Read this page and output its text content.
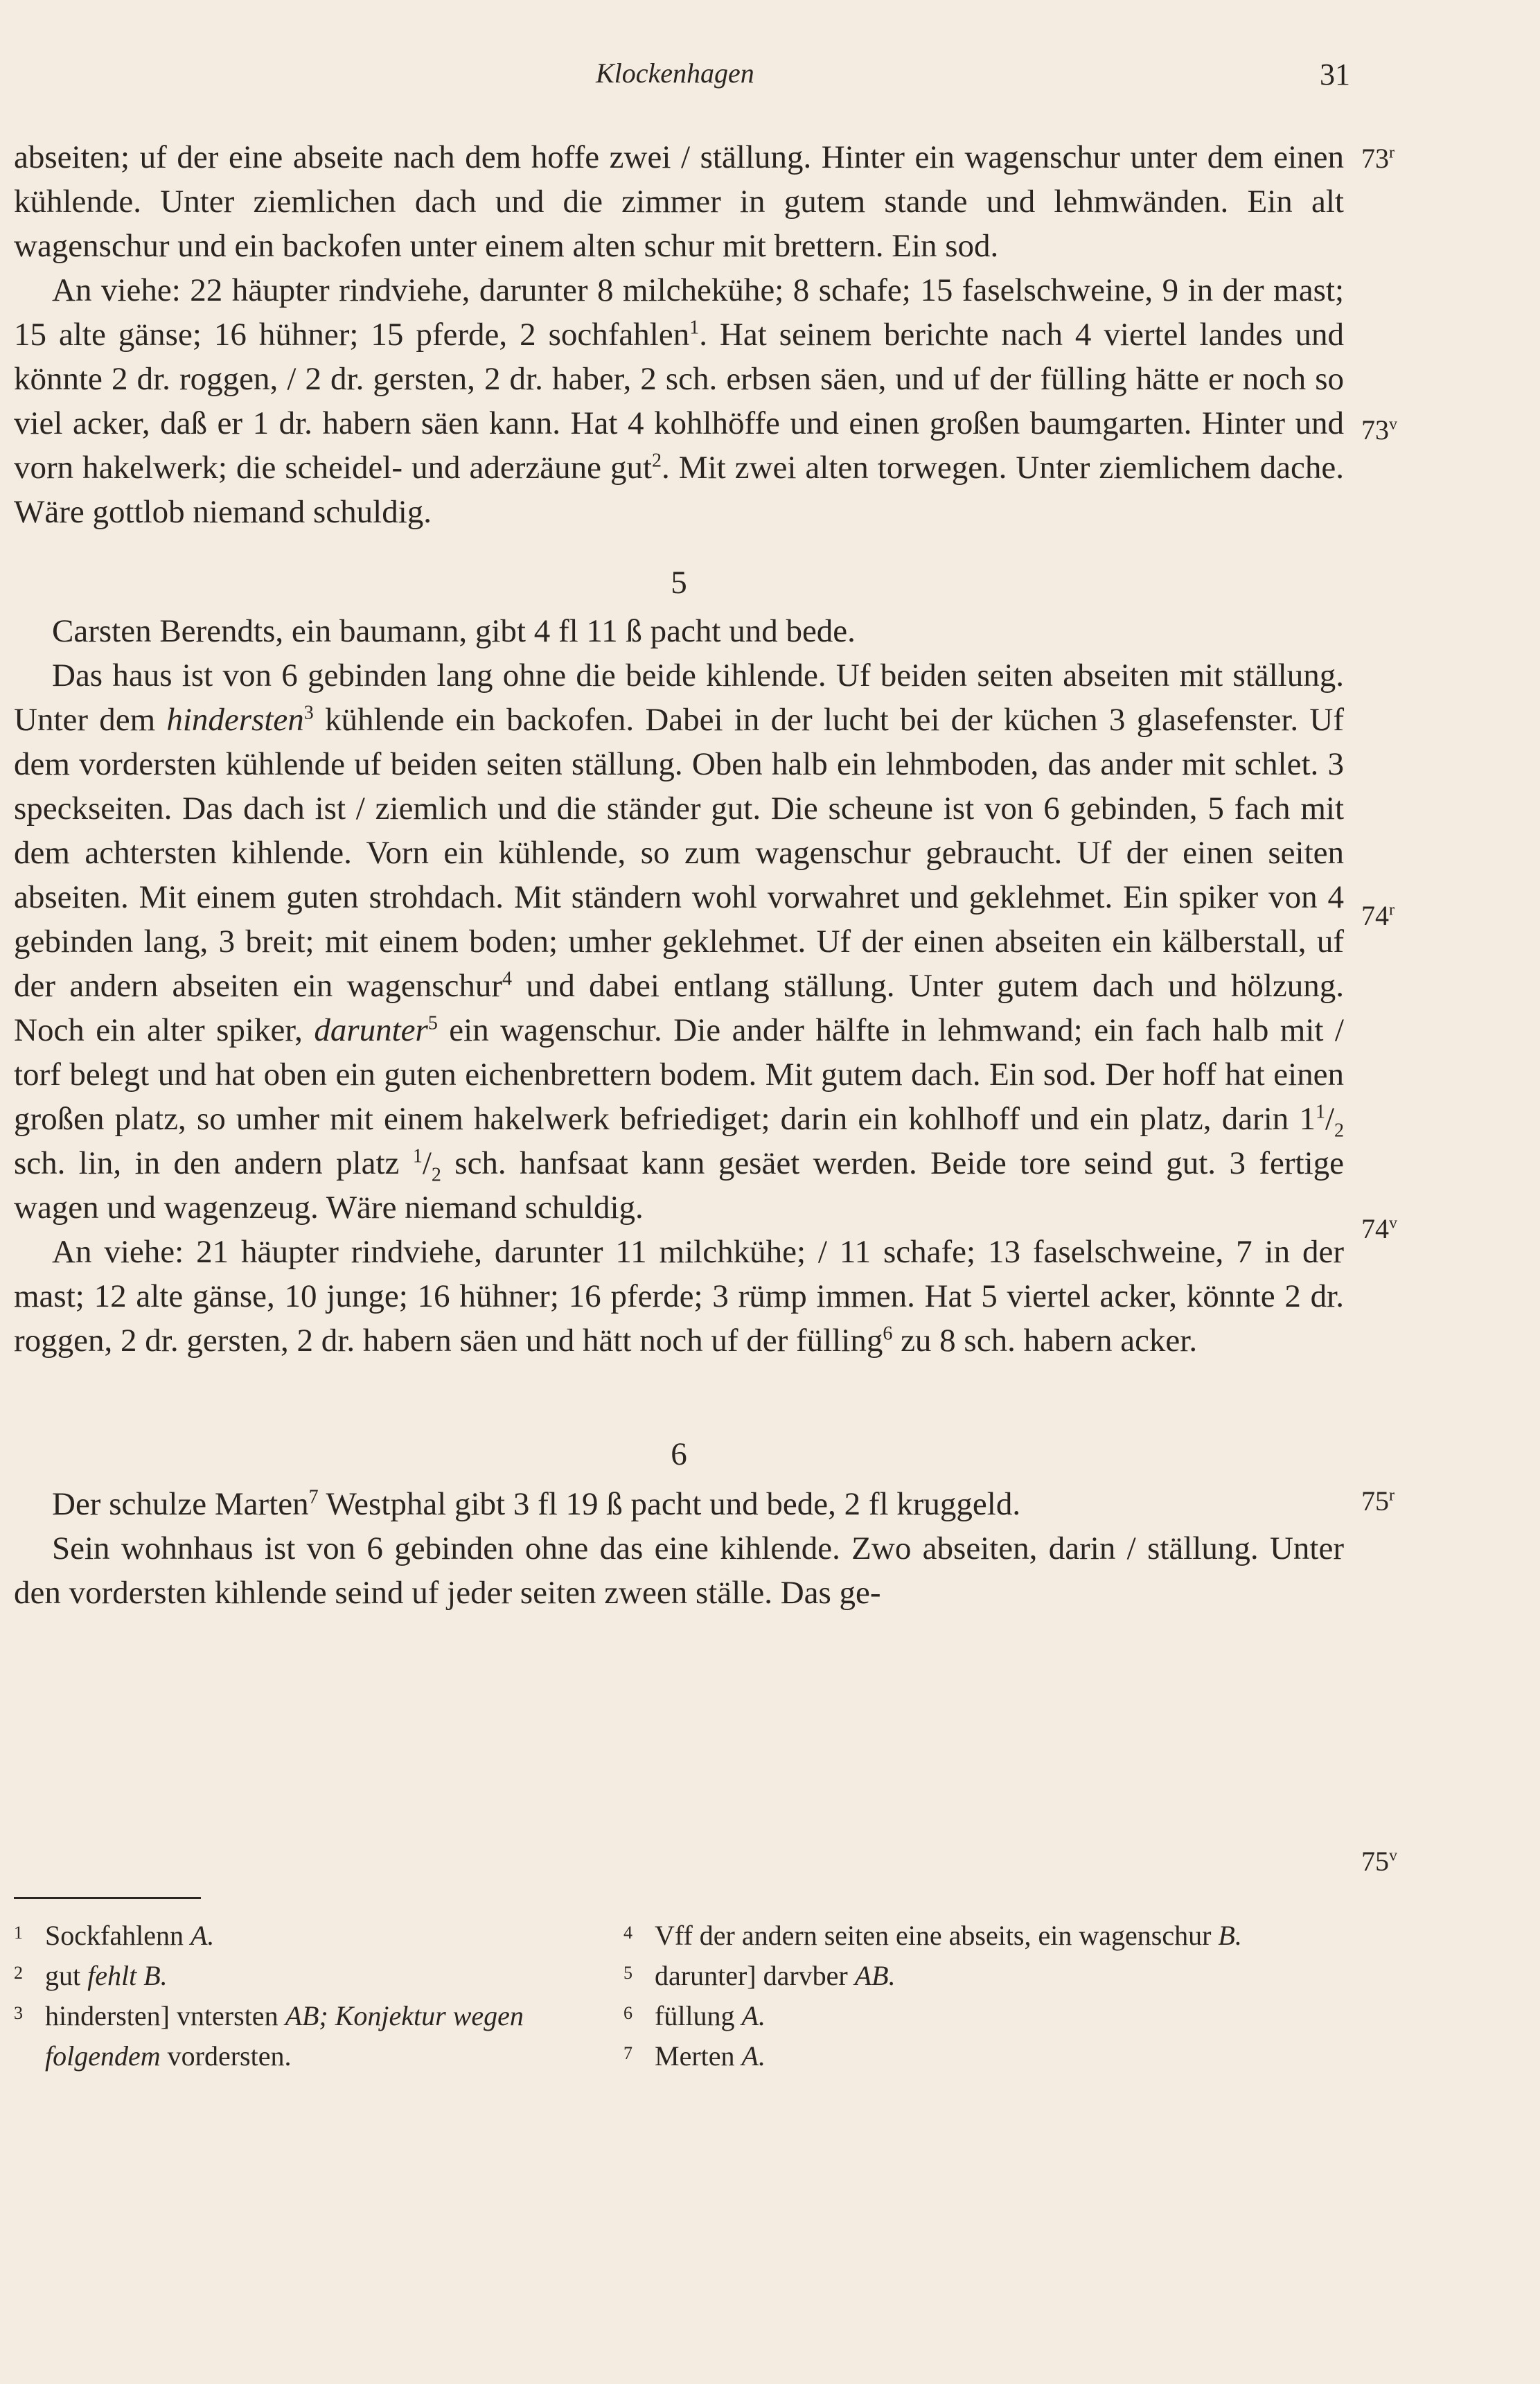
Klockenhagen	31
73$^r$
73$^v$
74$^r$
74$^v$
75$^r$
75$^v$

abseiten; uf der eine abseite nach dem hoffe zwei / ställung. Hinter ein wagenschur unter dem einen kühlende. Unter ziemlichen dach und die zimmer in gutem stande und lehmwänden. Ein alt wagenschur und ein backofen unter einem alten schur mit brettern. Ein sod.

An viehe: 22 häupter rindviehe, darunter 8 milchekühe; 8 schafe; 15 faselschweine, 9 in der mast; 15 alte gänse; 16 hühner; 15 pferde, 2 sochfahlen$^1$. Hat seinem berichte nach 4 viertel landes und könnte 2 dr. roggen, / 2 dr. gersten, 2 dr. haber, 2 sch. erbsen säen, und uf der fülling hätte er noch so viel acker, daß er 1 dr. habern säen kann. Hat 4 kohlhöffe und einen großen baumgarten. Hinter und vorn hakelwerk; die scheidel- und aderzäune gut$^2$. Mit zwei alten torwegen. Unter ziemlichem dache. Wäre gottlob niemand schuldig.

5

Carsten Berendts, ein baumann, gibt 4 fl 11 ß pacht und bede.

Das haus ist von 6 gebinden lang ohne die beide kihlende. Uf beiden seiten abseiten mit ställung. Unter dem hindersten$^3$ kühlende ein backofen. Dabei in der lucht bei der küchen 3 glasefenster. Uf dem vordersten kühlende uf beiden seiten ställung. Oben halb ein lehmboden, das ander mit schlet. 3 speckseiten. Das dach ist / ziemlich und die ständer gut. Die scheune ist von 6 gebinden, 5 fach mit dem achtersten kihlende. Vorn ein kühlende, so zum wagenschur gebraucht. Uf der einen seiten abseiten. Mit einem guten strohdach. Mit ständern wohl vorwahret und geklehmet. Ein spiker von 4 gebinden lang, 3 breit; mit einem boden; umher geklehmet. Uf der einen abseiten ein kälberstall, uf der andern abseiten ein wagenschur$^4$ und dabei entlang ställung. Unter gutem dach und hölzung. Noch ein alter spiker, darunter$^5$ ein wagenschur. Die ander hälfte in lehmwand; ein fach halb mit / torf belegt und hat oben ein guten eichenbrettern bodem. Mit gutem dach. Ein sod. Der hoff hat einen großen platz, so umher mit einem hakelwerk befriediget; darin ein kohlhoff und ein platz, darin $1^1/_2$ sch. lin, in den andern platz $^1/_2$ sch. hanfsaat kann gesäet werden. Beide tore seind gut. 3 fertige wagen und wagenzeug. Wäre niemand schuldig.

An viehe: 21 häupter rindviehe, darunter 11 milchkühe; / 11 schafe; 13 faselschweine, 7 in der mast; 12 alte gänse, 10 junge; 16 hühner; 16 pferde; 3 rümp immen. Hat 5 viertel acker, könnte 2 dr. roggen, 2 dr. gersten, 2 dr. habern säen und hätt noch uf der fülling$^6$ zu 8 sch. habern acker.

6

Der schulze Marten$^7$ Westphal gibt 3 fl 19 ß pacht und bede, 2 fl kruggeld.

Sein wohnhaus ist von 6 gebinden ohne das eine kihlende. Zwo abseiten, darin / ställung. Unter den vordersten kihlende seind uf jeder seiten zween ställe. Das ge-

1 Sockfahlenn A.
2 gut fehlt B.
3 hindersten] vntersten AB; Konjektur wegen folgendem vordersten.
4 Vff der andern seiten eine abseits, ein wagenschur B.
5 darunter] darvber AB.
6 füllung A.
7 Merten A.
